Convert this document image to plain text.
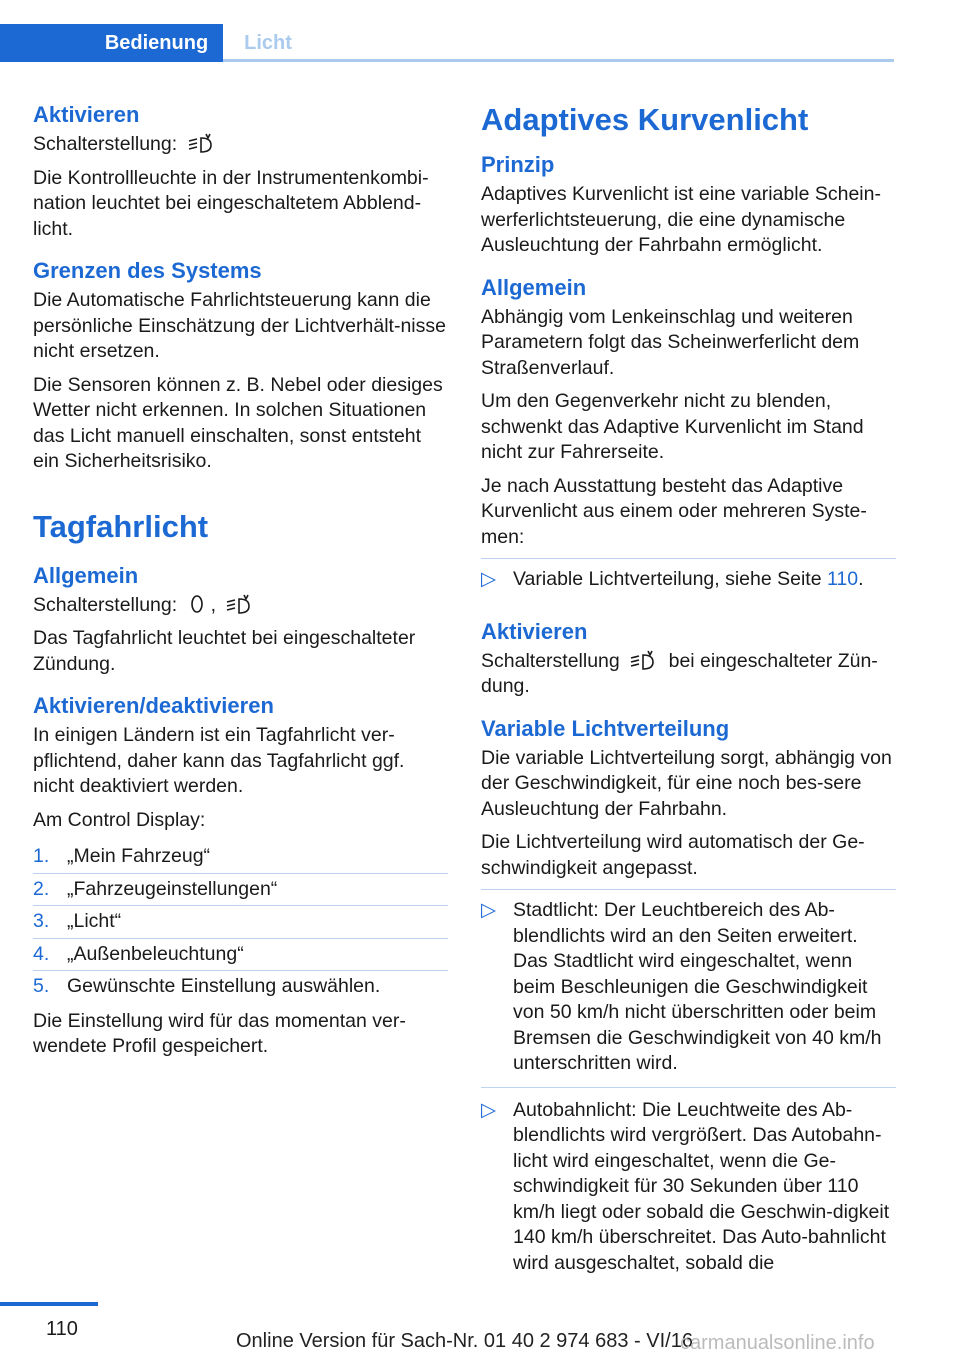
Bedienung	Licht
Aktivieren

Schalterstellung:

Die Kontrollleuchte in der Instrumentenkombi‐nation leuchtet bei eingeschaltetem Abblend‐licht.

Grenzen des Systems

Die Automatische Fahrlichtsteuerung kann die persönliche Einschätzung der Lichtverhält‐nisse nicht ersetzen.

Die Sensoren können z. B. Nebel oder diesiges Wetter nicht erkennen. In solchen Situationen das Licht manuell einschalten, sonst entsteht ein Sicherheitsrisiko.

Tagfahrlicht
Allgemein

Schalterstellung: ,

Das Tagfahrlicht leuchtet bei eingeschalteter Zündung.

Aktivieren/deaktivieren

In einigen Ländern ist ein Tagfahrlicht ver‐pflichtend, daher kann das Tagfahrlicht ggf. nicht deaktiviert werden.

Am Control Display:

1. „Mein Fahrzeug“
2. „Fahrzeugeinstellungen“
3. „Licht“
4. „Außenbeleuchtung“
5. Gewünschte Einstellung auswählen.

Die Einstellung wird für das momentan ver‐wendete Profil gespeichert.

Adaptives Kurvenlicht
Prinzip

Adaptives Kurvenlicht ist eine variable Schein‐werferlichtsteuerung, die eine dynamische Ausleuchtung der Fahrbahn ermöglicht.

Allgemein

Abhängig vom Lenkeinschlag und weiteren Parametern folgt das Scheinwerferlicht dem Straßenverlauf.

Um den Gegenverkehr nicht zu blenden, schwenkt das Adaptive Kurvenlicht im Stand nicht zur Fahrerseite.

Je nach Ausstattung besteht das Adaptive Kurvenlicht aus einem oder mehreren Syste‐men:

▷ Variable Lichtverteilung, siehe Seite 110.
Aktivieren

Schalterstellung	bei eingeschalteter Zün‐dung.

Variable Lichtverteilung

Die variable Lichtverteilung sorgt, abhängig von der Geschwindigkeit, für eine noch bes‐sere Ausleuchtung der Fahrbahn.

Die Lichtverteilung wird automatisch der Ge‐schwindigkeit angepasst.

▷ Stadtlicht: Der Leuchtbereich des Ab‐blendlichts wird an den Seiten erweitert. Das Stadtlicht wird eingeschaltet, wenn beim Beschleunigen die Geschwindigkeit von 50 km/h nicht überschritten oder beim Bremsen die Geschwindigkeit von 40 km/h unterschritten wird.
▷ Autobahnlicht: Die Leuchtweite des Ab‐blendlichts wird vergrößert. Das Autobahn‐licht wird eingeschaltet, wenn die Ge‐schwindigkeit für 30 Sekunden über 110 km/h liegt oder sobald die Geschwin‐digkeit 140 km/h überschreitet. Das Auto‐bahnlicht wird ausgeschaltet, sobald die
110
Online Version für Sach-Nr. 01 40 2 974 683 - VI/16
carmanualsonline.info
